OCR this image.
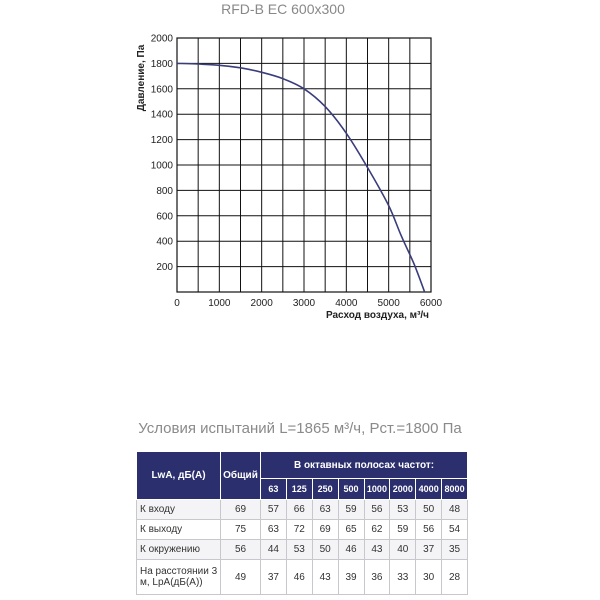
RFD-B EC 600x300
0	1000 2000 3000 4000 5000 6000
200
400
600
800
1000
1200
1400
1600
1800
2000
Расход воздуха, м³/ч
Давление, Па
Условия испытаний L=1865 м³/ч, Pст.=1800 Па
LwA, дБ(А)	Общий	В октавных полосах частот:							
		63	125	250	500	1000	2000	4000	8000
К входу	69	57	66	63	59	56	53	50	48
К выходу	75	63	72	69	65	62	59	56	54
К окружению	56	44	53	50	46	43	40	37	35
На расстоянии 3 м, LpA(дБ(А))	49	37	46	43	39	36	33	30	28
